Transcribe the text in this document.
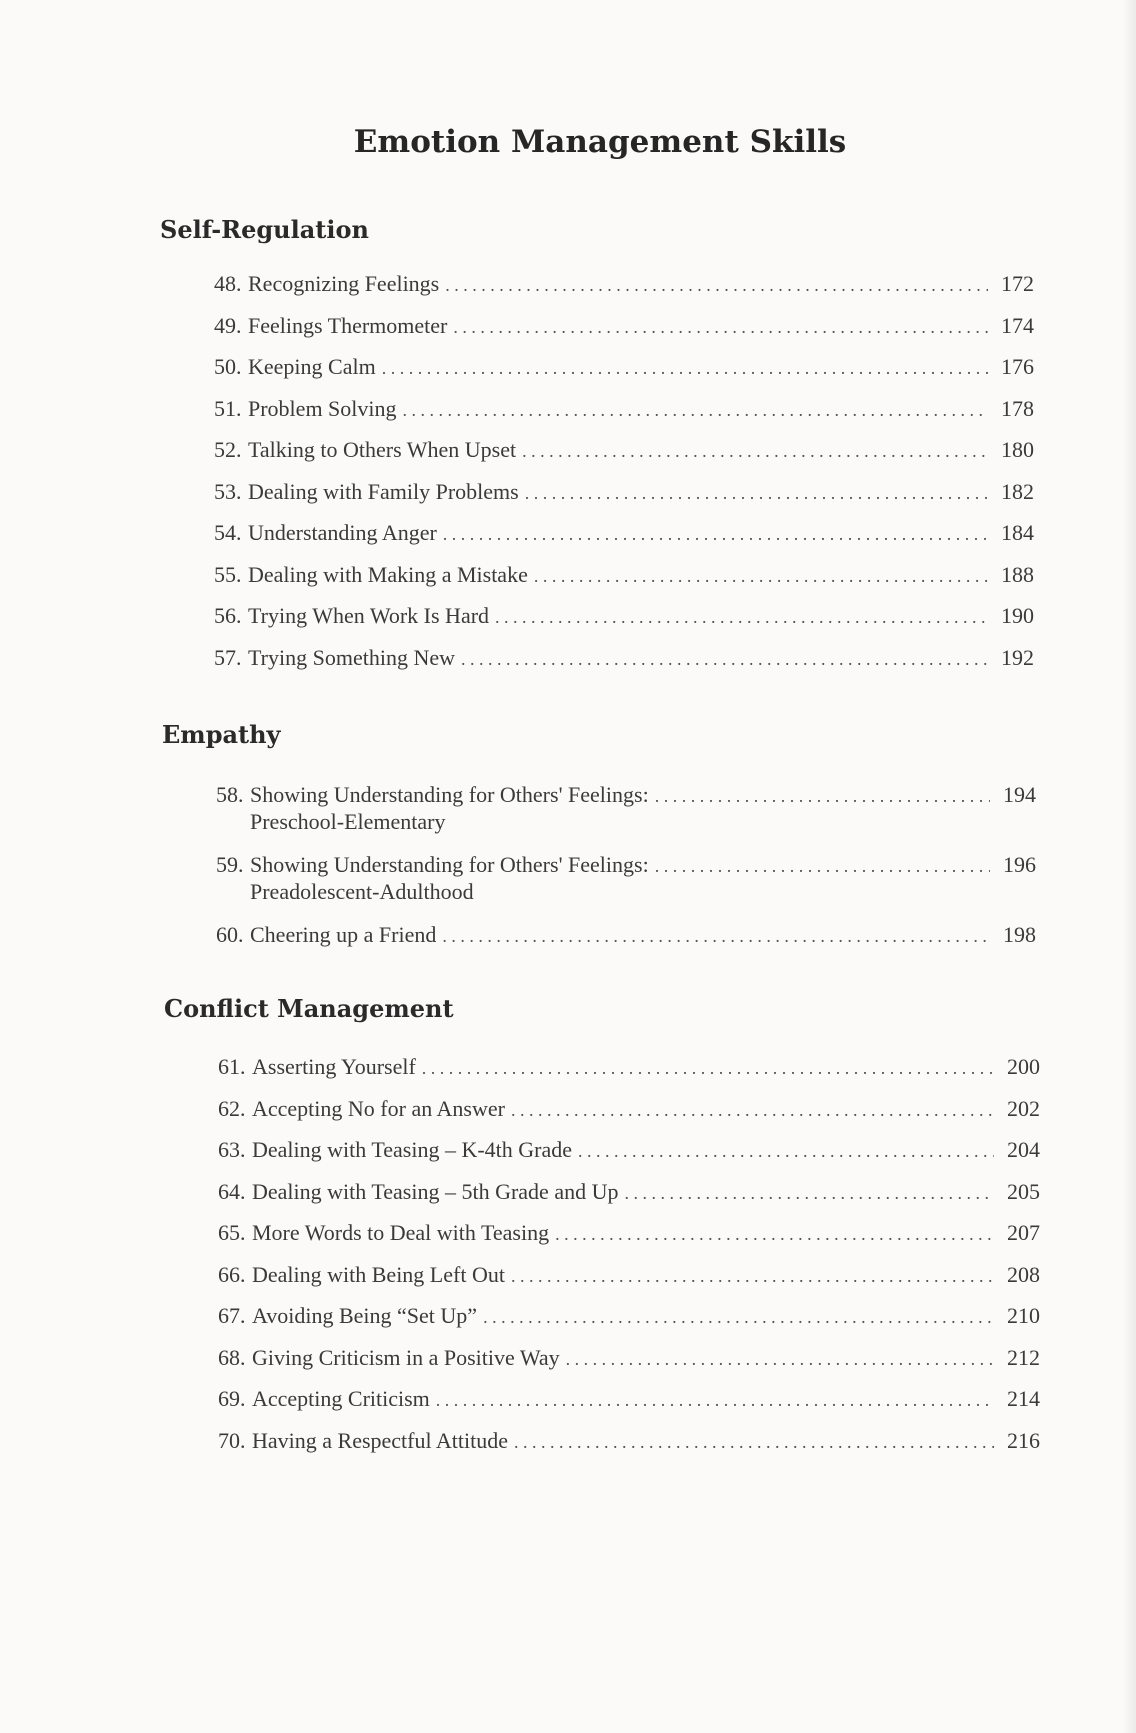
Emotion Management Skills
Self-Regulation
48. Recognizing Feelings . . .	172
49. Feelings Thermometer . . .	174
50. Keeping Calm . . .	176
51. Problem Solving . . .	178
52. Talking to Others When Upset . . .	180
53. Dealing with Family Problems . . .	182
54. Understanding Anger . . .	184
55. Dealing with Making a Mistake . . .	188
56. Trying When Work Is Hard . . .	190
57. Trying Something New . . .	192
Empathy
58. Showing Understanding for Others' Feelings: . . .	194
Preschool-Elementary
59. Showing Understanding for Others' Feelings: . . .	196
Preadolescent-Adulthood
60. Cheering up a Friend . . .	198
Conflict Management
61. Asserting Yourself . . .	200
62. Accepting No for an Answer . . .	202
63. Dealing with Teasing – K-4th Grade . . .	204
64. Dealing with Teasing – 5th Grade and Up . . .	205
65. More Words to Deal with Teasing . . .	207
66. Dealing with Being Left Out . . .	208
67. Avoiding Being “Set Up” . . .	210
68. Giving Criticism in a Positive Way . . .	212
69. Accepting Criticism . . .	214
70. Having a Respectful Attitude . . .	216
